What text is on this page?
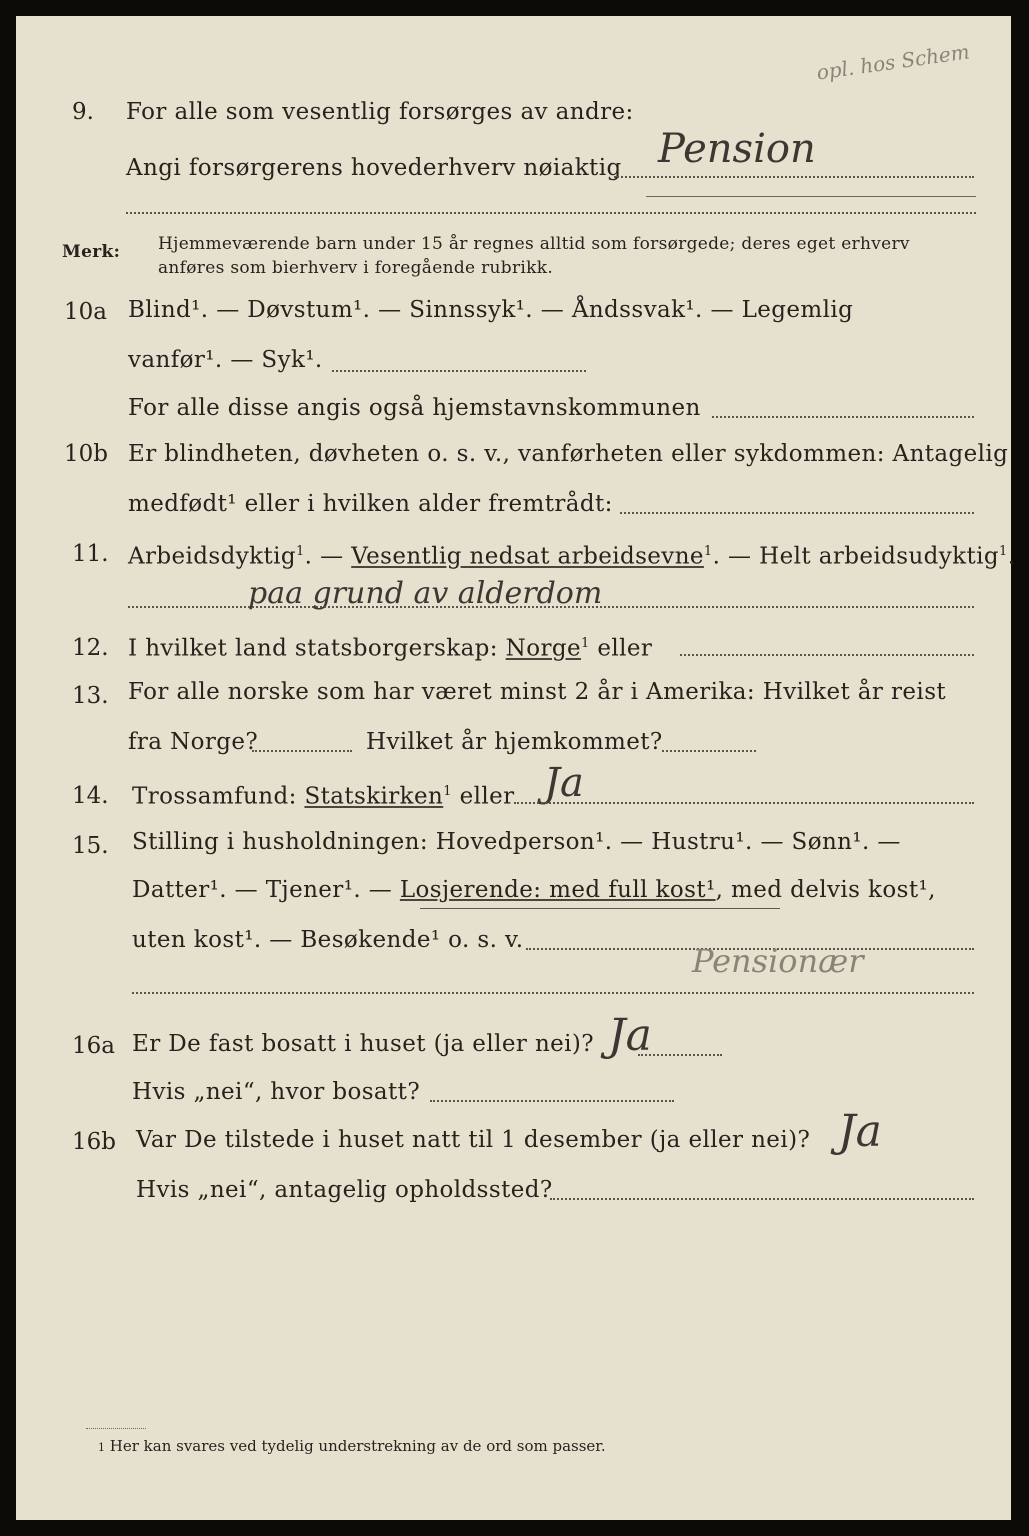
opl. hos Schem
9. For alle som vesentlig forsørges av andre:
Angi forsørgerens hovederhverv nøiaktig Pension
Merk: Hjemmeværende barn under 15 år regnes alltid som forsørgede; deres eget erhverv
anføres som bierhverv i foregående rubrikk.
10a Blind¹. — Døvstum¹. — Sinnssyk¹. — Åndssvak¹. — Legemlig
vanfør¹. — Syk¹.
For alle disse angis også hjemstavnskommunen
10b Er blindheten, døvheten o. s. v., vanførheten eller sykdommen: Antagelig
medfødt¹ eller i hvilken alder fremtrådt:
11. Arbeidsdyktig$^1$. — Vesentlig nedsat arbeidsevne$^1$. — Helt arbeidsudyktig$^1$.
paa grund av alderdom
12. I hvilket land statsborgerskap: Norge$^1$ eller
13. For alle norske som har været minst 2 år i Amerika: Hvilket år reist
fra Norge?	Hvilket år hjemkommet?
14. Trossamfund: Statskirken$^1$ eller Ja
15. Stilling i husholdningen: Hovedperson¹. — Hustru¹. — Sønn¹. —
Datter¹. — Tjener¹. — Losjerende: med full kost¹, med delvis kost¹,
uten kost¹. — Besøkende¹ o. s. v.
Pensionær
16a Er De fast bosatt i huset (ja eller nei)? Ja
Hvis „nei“, hvor bosatt?
16b Var De tilstede i huset natt til 1 desember (ja eller nei)? Ja
Hvis „nei“, antagelig opholdssted?
1 Her kan svares ved tydelig understrekning av de ord som passer.
